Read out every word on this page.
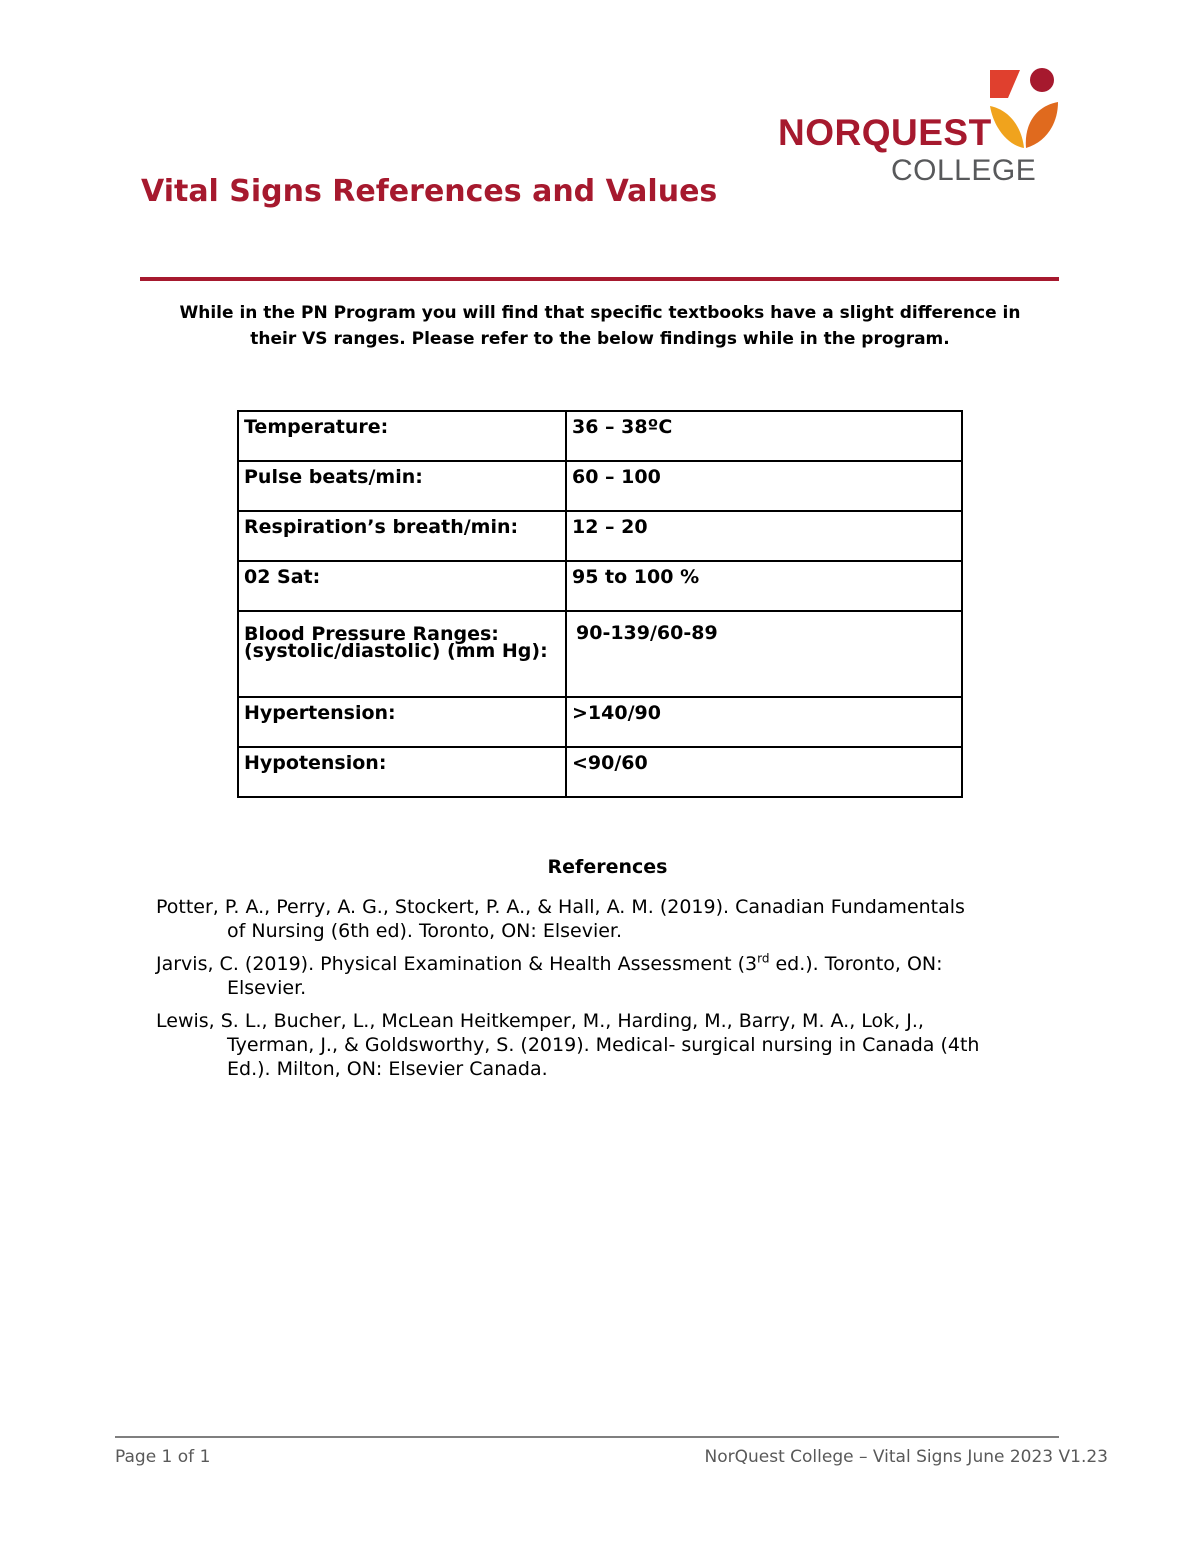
NORQUEST
COLLEGE
Vital Signs References and Values
While in the PN Program you will find that specific textbooks have a slight difference in
their VS ranges. Please refer to the below findings while in the program.
Temperature:	36 – 38ºC
Pulse beats/min:	60 – 100
Respiration’s breath/min:	12 – 20
02 Sat:	95 to 100 %
Blood Pressure Ranges: (systolic/diastolic) (mm Hg):	90-139/60-89
Hypertension:	>140/90
Hypotension:	<90/60
References

Potter, P. A., Perry, A. G., Stockert, P. A., & Hall, A. M. (2019). Canadian Fundamentals of Nursing (6th ed). Toronto, ON: Elsevier.

Jarvis, C. (2019). Physical Examination & Health Assessment (3rd ed.). Toronto, ON: Elsevier.

Lewis, S. L., Bucher, L., McLean Heitkemper, M., Harding, M., Barry, M. A., Lok, J., Tyerman, J., & Goldsworthy, S. (2019). Medical- surgical nursing in Canada (4th Ed.). Milton, ON: Elsevier Canada.

Page 1 of 1	NorQuest College – Vital Signs June 2023 V1.23
